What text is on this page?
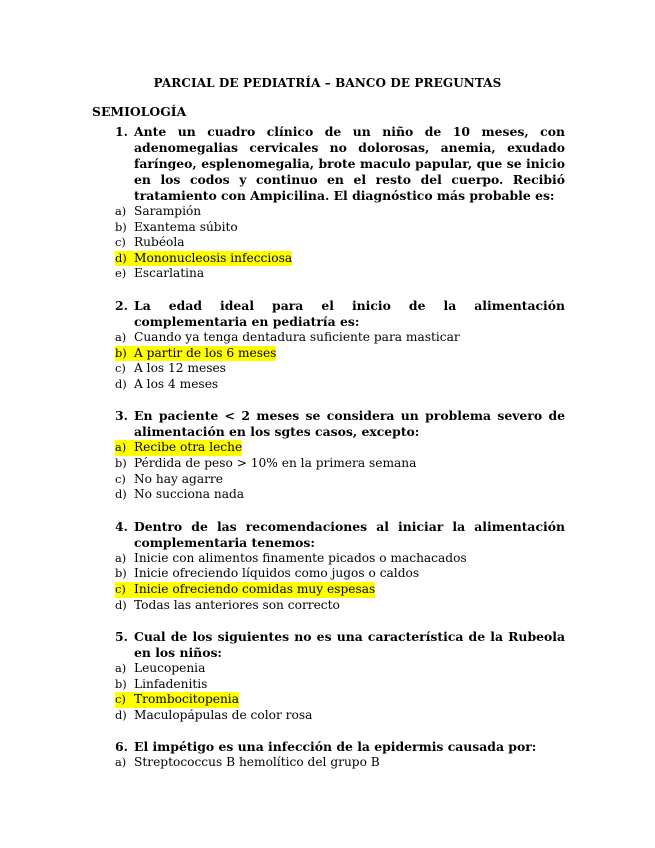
PARCIAL DE PEDIATRÍA – BANCO DE PREGUNTAS

SEMIOLOGÍA

1. Ante un cuadro clínico de un niño de 10 meses, con adenomegalias cervicales no dolorosas, anemia, exudado faríngeo, esplenomegalia, brote maculo papular, que se inicio en los codos y continuo en el resto del cuerpo. Recibió tratamiento con Ampicilina. El diagnóstico más probable es:
a) Sarampión
b) Exantema súbito
c) Rubéola
d) Mononucleosis infecciosa
e) Escarlatina
2. La edad ideal para el inicio de la alimentación complementaria en pediatría es:
a) Cuando ya tenga dentadura suficiente para masticar
b) A partir de los 6 meses
c) A los 12 meses
d) A los 4 meses
3. En paciente < 2 meses se considera un problema severo de alimentación en los sgtes casos, excepto:
a) Recibe otra leche
b) Pérdida de peso > 10% en la primera semana
c) No hay agarre
d) No succiona nada
4. Dentro de las recomendaciones al iniciar la alimentación complementaria tenemos:
a) Inicie con alimentos finamente picados o machacados
b) Inicie ofreciendo líquidos como jugos o caldos
c) Inicie ofreciendo comidas muy espesas
d) Todas las anteriores son correcto
5. Cual de los siguientes no es una característica de la Rubeola en los niños:
a) Leucopenia
b) Linfadenitis
c) Trombocitopenia
d) Maculopápulas de color rosa
6. El impétigo es una infección de la epidermis causada por:
a) Streptococcus B hemolítico del grupo B
